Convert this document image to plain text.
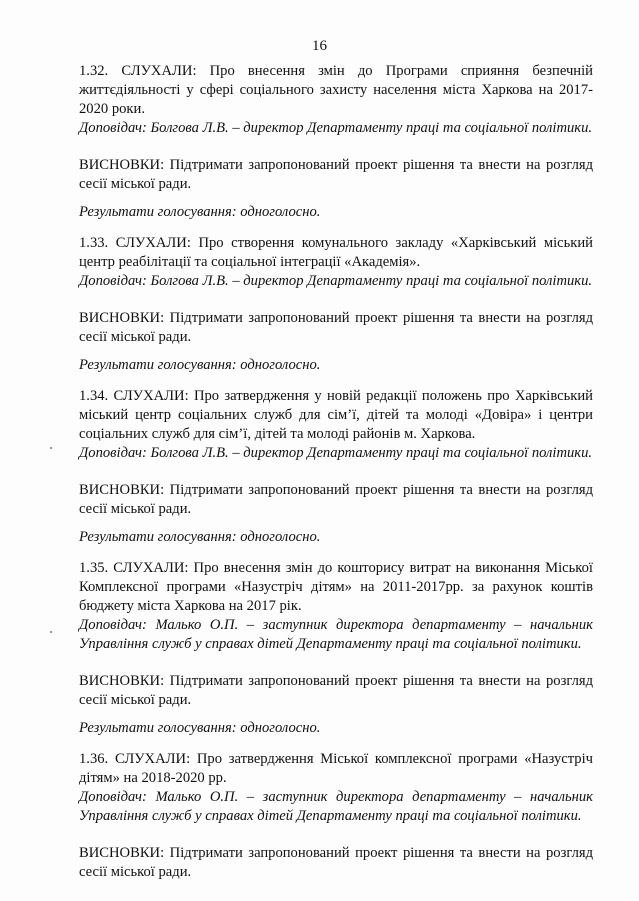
16

1.32. СЛУХАЛИ: Про внесення змін до Програми сприяння безпечній життєдіяльності у сфері соціального захисту населення міста Харкова на 2017-2020 роки.

Доповідач: Болгова Л.В. – директор Департаменту праці та соціальної політики.

ВИСНОВКИ: Підтримати запропонований проект рішення та внести на розгляд сесії міської ради.

Результати голосування: одноголосно.

1.33. СЛУХАЛИ: Про створення комунального закладу «Харківський міський центр реабілітації та соціальної інтеграції «Академія».

Доповідач: Болгова Л.В. – директор Департаменту праці та соціальної політики.

ВИСНОВКИ: Підтримати запропонований проект рішення та внести на розгляд сесії міської ради.

Результати голосування: одноголосно.

1.34. СЛУХАЛИ: Про затвердження у новій редакції положень про Харківський міський центр соціальних служб для сім’ї, дітей та молоді «Довіра» і центри соціальних служб для сім’ї, дітей та молоді районів м. Харкова.

Доповідач: Болгова Л.В. – директор Департаменту праці та соціальної політики.

ВИСНОВКИ: Підтримати запропонований проект рішення та внести на розгляд сесії міської ради.

Результати голосування: одноголосно.

1.35. СЛУХАЛИ: Про внесення змін до кошторису витрат на виконання Міської Комплексної програми «Назустріч дітям» на 2011-2017рр. за рахунок коштів бюджету міста Харкова на 2017 рік.

Доповідач: Малько О.П. – заступник директора департаменту – начальник Управління служб у справах дітей Департаменту праці та соціальної політики.

ВИСНОВКИ: Підтримати запропонований проект рішення та внести на розгляд сесії міської ради.

Результати голосування: одноголосно.

1.36. СЛУХАЛИ: Про затвердження Міської комплексної програми «Назустріч дітям» на 2018-2020 рр.

Доповідач: Малько О.П. – заступник директора департаменту – начальник Управління служб у справах дітей Департаменту праці та соціальної політики.

ВИСНОВКИ: Підтримати запропонований проект рішення та внести на розгляд сесії міської ради.
